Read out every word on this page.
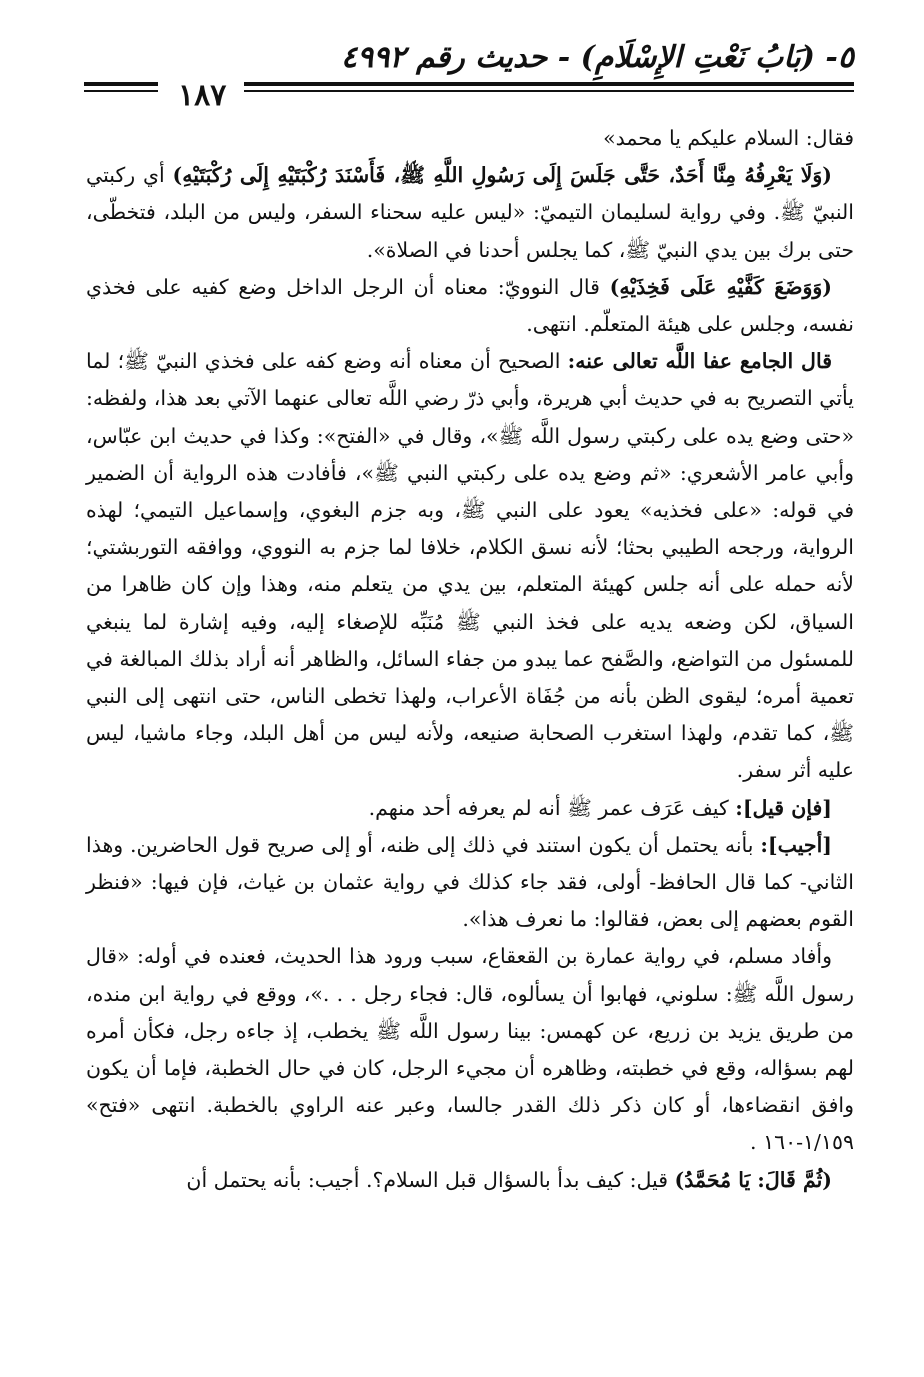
٥- (بَابُ نَعْتِ الإِسْلَامِ) - حديث رقم ٤٩٩٢
١٨٧

فقال: السلام عليكم يا محمد»

(وَلَا يَعْرِفُهُ مِنَّا أَحَدٌ، حَتَّى جَلَسَ إِلَى رَسُولِ اللَّهِ ﷺ، فَأَسْنَدَ رُكْبَتَيْهِ إِلَى رُكْبَتَيْهِ) أي ركبتي النبيّ ﷺ. وفي رواية لسليمان التيميّ: «ليس عليه سحناء السفر، وليس من البلد، فتخطّى، حتى برك بين يدي النبيّ ﷺ، كما يجلس أحدنا في الصلاة».

(وَوَضَعَ كَفَّيْهِ عَلَى فَخِذَيْهِ) قال النوويّ: معناه أن الرجل الداخل وضع كفيه على فخذي نفسه، وجلس على هيئة المتعلّم. انتهى.

قال الجامع عفا اللَّه تعالى عنه: الصحيح أن معناه أنه وضع كفه على فخذي النبيّ ﷺ؛ لما يأتي التصريح به في حديث أبي هريرة، وأبي ذرّ رضي اللَّه تعالى عنهما الآتي بعد هذا، ولفظه: «حتى وضع يده على ركبتي رسول اللَّه ﷺ»، وقال في «الفتح»: وكذا في حديث ابن عبّاس، وأبي عامر الأشعري: «ثم وضع يده على ركبتي النبي ﷺ»، فأفادت هذه الرواية أن الضمير في قوله: «على فخذيه» يعود على النبي ﷺ، وبه جزم البغوي، وإسماعيل التيمي؛ لهذه الرواية، ورجحه الطيبي بحثا؛ لأنه نسق الكلام، خلافا لما جزم به النووي، ووافقه التوربشتي؛ لأنه حمله على أنه جلس كهيئة المتعلم، بين يدي من يتعلم منه، وهذا وإن كان ظاهرا من السياق، لكن وضعه يديه على فخذ النبي ﷺ مُنَبِّه للإصغاء إليه، وفيه إشارة لما ينبغي للمسئول من التواضع، والصَّفح عما يبدو من جفاء السائل، والظاهر أنه أراد بذلك المبالغة في تعمية أمره؛ ليقوى الظن بأنه من جُفَاة الأعراب، ولهذا تخطى الناس، حتى انتهى إلى النبي ﷺ، كما تقدم، ولهذا استغرب الصحابة صنيعه، ولأنه ليس من أهل البلد، وجاء ماشيا، ليس عليه أثر سفر.

[فإن قيل]: كيف عَرَف عمر ﷺ أنه لم يعرفه أحد منهم.

[أجيب]: بأنه يحتمل أن يكون استند في ذلك إلى ظنه، أو إلى صريح قول الحاضرين. وهذا الثاني- كما قال الحافظ- أولى، فقد جاء كذلك في رواية عثمان بن غياث، فإن فيها: «فنظر القوم بعضهم إلى بعض، فقالوا: ما نعرف هذا».

وأفاد مسلم، في رواية عمارة بن القعقاع، سبب ورود هذا الحديث، فعنده في أوله: «قال رسول اللَّه ﷺ: سلوني، فهابوا أن يسألوه، قال: فجاء رجل . . .»، ووقع في رواية ابن منده، من طريق يزيد بن زريع، عن كهمس: بينا رسول اللَّه ﷺ يخطب، إذ جاءه رجل، فكأن أمره لهم بسؤاله، وقع في خطبته، وظاهره أن مجيء الرجل، كان في حال الخطبة، فإما أن يكون وافق انقضاءها، أو كان ذكر ذلك القدر جالسا، وعبر عنه الراوي بالخطبة. انتهى «فتح» ١/١٥٩-١٦٠ .

(ثُمَّ قَالَ: يَا مُحَمَّدُ) قيل: كيف بدأ بالسؤال قبل السلام؟. أجيب: بأنه يحتمل أن
